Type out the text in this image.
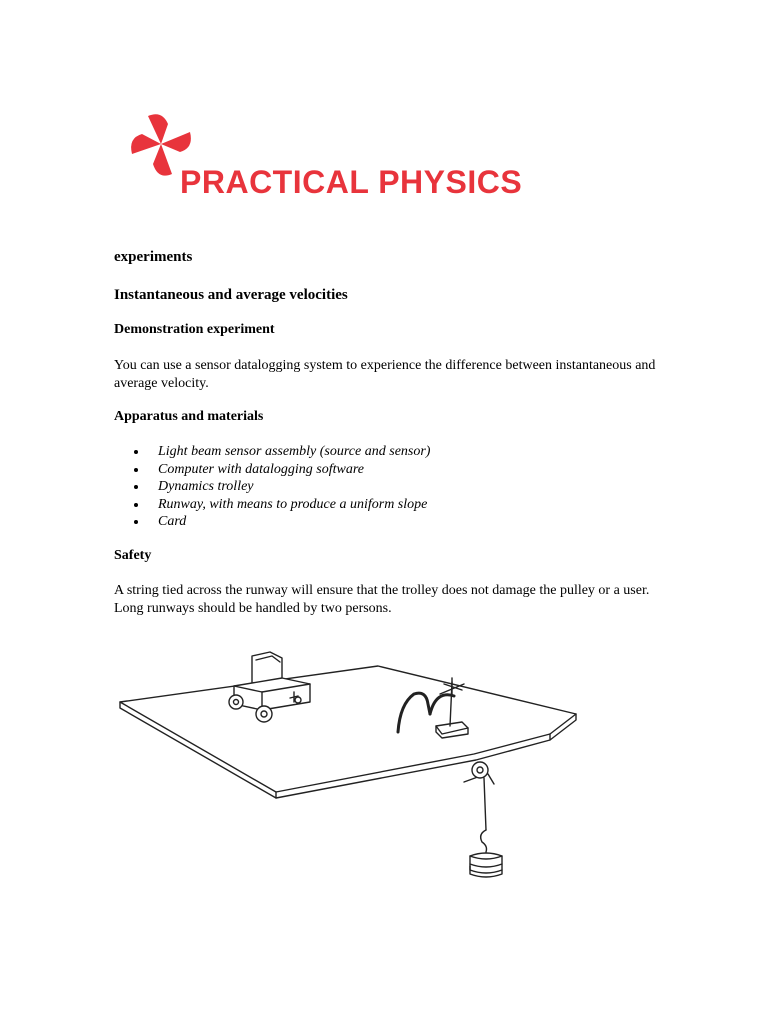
PRACTICAL PHYSICS
experiments
Instantaneous and average velocities
Demonstration experiment
You can use a sensor datalogging system to experience the difference between instantaneous and average velocity.
Apparatus and materials
Light beam sensor assembly (source and sensor)
Computer with datalogging software
Dynamics trolley
Runway, with means to produce a uniform slope
Card
Safety
A string tied across the runway will ensure that the trolley does not damage the pulley or a user. Long runways should be handled by two persons.
